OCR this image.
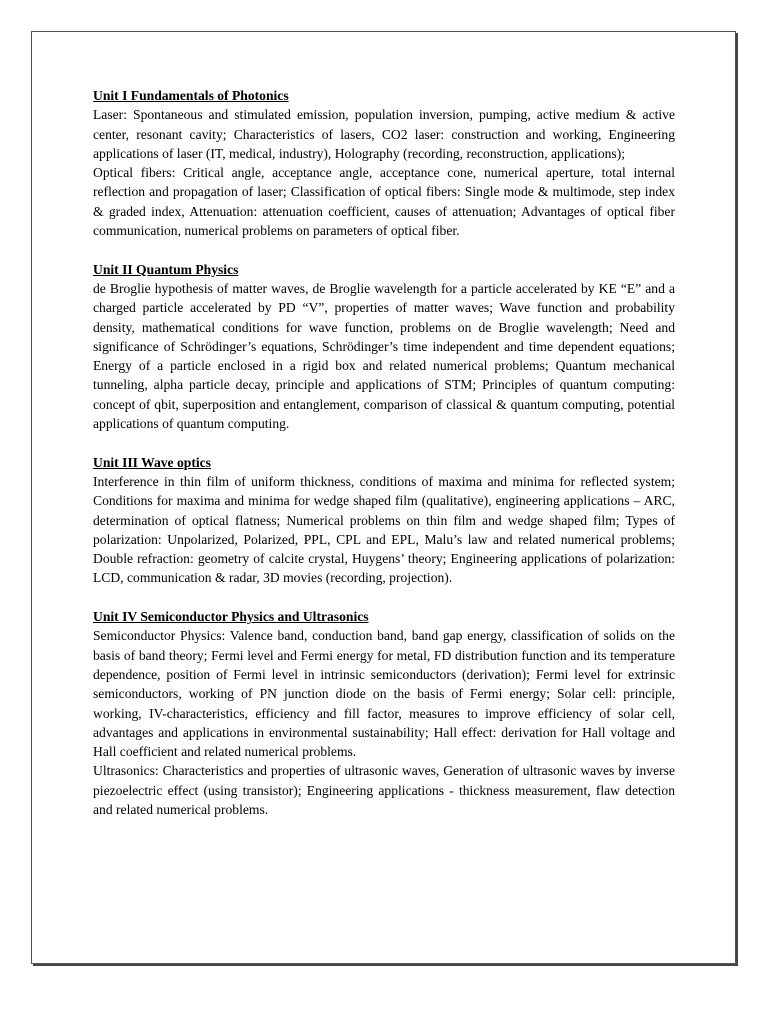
Unit I Fundamentals of Photonics

Laser: Spontaneous and stimulated emission, population inversion, pumping, active medium & active center, resonant cavity; Characteristics of lasers, CO2 laser: construction and working, Engineering applications of laser (IT, medical, industry), Holography (recording, reconstruction, applications);

Optical fibers: Critical angle, acceptance angle, acceptance cone, numerical aperture, total internal reflection and propagation of laser; Classification of optical fibers: Single mode & multimode, step index & graded index, Attenuation: attenuation coefficient, causes of attenuation; Advantages of optical fiber communication, numerical problems on parameters of optical fiber.

Unit II Quantum Physics

de Broglie hypothesis of matter waves, de Broglie wavelength for a particle accelerated by KE “E” and a charged particle accelerated by PD “V”, properties of matter waves; Wave function and probability density, mathematical conditions for wave function, problems on de Broglie wavelength; Need and significance of Schrödinger’s equations, Schrödinger’s time independent and time dependent equations; Energy of a particle enclosed in a rigid box and related numerical problems; Quantum mechanical tunneling, alpha particle decay, principle and applications of STM; Principles of quantum computing: concept of qbit, superposition and entanglement, comparison of classical & quantum computing, potential applications of quantum computing.

Unit III Wave optics

Interference in thin film of uniform thickness, conditions of maxima and minima for reflected system; Conditions for maxima and minima for wedge shaped film (qualitative), engineering applications – ARC, determination of optical flatness; Numerical problems on thin film and wedge shaped film; Types of polarization: Unpolarized, Polarized, PPL, CPL and EPL, Malu’s law and related numerical problems; Double refraction: geometry of calcite crystal, Huygens’ theory; Engineering applications of polarization: LCD, communication & radar, 3D movies (recording, projection).

Unit IV Semiconductor Physics and Ultrasonics

Semiconductor Physics: Valence band, conduction band, band gap energy, classification of solids on the basis of band theory; Fermi level and Fermi energy for metal, FD distribution function and its temperature dependence, position of Fermi level in intrinsic semiconductors (derivation); Fermi level for extrinsic semiconductors, working of PN junction diode on the basis of Fermi energy; Solar cell: principle, working, IV-characteristics, efficiency and fill factor, measures to improve efficiency of solar cell, advantages and applications in environmental sustainability; Hall effect: derivation for Hall voltage and Hall coefficient and related numerical problems.

Ultrasonics: Characteristics and properties of ultrasonic waves, Generation of ultrasonic waves by inverse piezoelectric effect (using transistor); Engineering applications - thickness measurement, flaw detection and related numerical problems.
